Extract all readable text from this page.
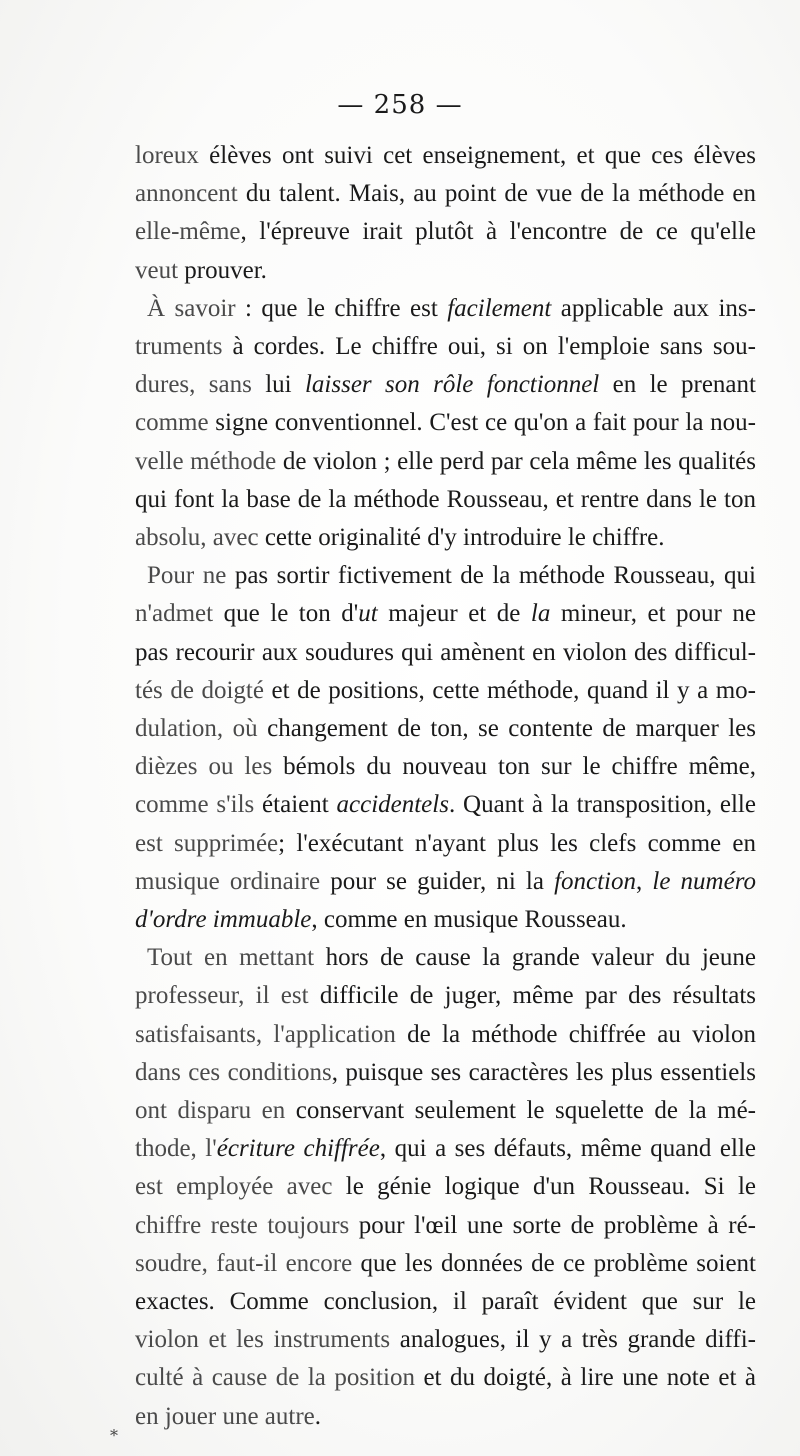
— 258 —
loreux élèves ont suivi cet enseignement, et que ces élèves
annoncent du talent. Mais, au point de vue de la méthode en
elle-même, l'épreuve irait plutôt à l'encontre de ce qu'elle
veut prouver.
À savoir : que le chiffre est facilement applicable aux ins-
truments à cordes. Le chiffre oui, si on l'emploie sans sou-
dures, sans lui laisser son rôle fonctionnel en le prenant
comme signe conventionnel. C'est ce qu'on a fait pour la nou-
velle méthode de violon ; elle perd par cela même les qualités
qui font la base de la méthode Rousseau, et rentre dans le ton
absolu, avec cette originalité d'y introduire le chiffre.
Pour ne pas sortir fictivement de la méthode Rousseau, qui
n'admet que le ton d'ut majeur et de la mineur, et pour ne
pas recourir aux soudures qui amènent en violon des difficul-
tés de doigté et de positions, cette méthode, quand il y a mo-
dulation, où changement de ton, se contente de marquer les
dièzes ou les bémols du nouveau ton sur le chiffre même,
comme s'ils étaient accidentels. Quant à la transposition, elle
est supprimée; l'exécutant n'ayant plus les clefs comme en
musique ordinaire pour se guider, ni la fonction, le numéro
d'ordre immuable, comme en musique Rousseau.
Tout en mettant hors de cause la grande valeur du jeune
professeur, il est difficile de juger, même par des résultats
satisfaisants, l'application de la méthode chiffrée au violon
dans ces conditions, puisque ses caractères les plus essentiels
ont disparu en conservant seulement le squelette de la mé-
thode, l'écriture chiffrée, qui a ses défauts, même quand elle
est employée avec le génie logique d'un Rousseau. Si le
chiffre reste toujours pour l'œil une sorte de problème à ré-
soudre, faut-il encore que les données de ce problème soient
exactes. Comme conclusion, il paraît évident que sur le
violon et les instruments analogues, il y a très grande diffi-
culté à cause de la position et du doigté, à lire une note et à
en jouer une autre.
*
